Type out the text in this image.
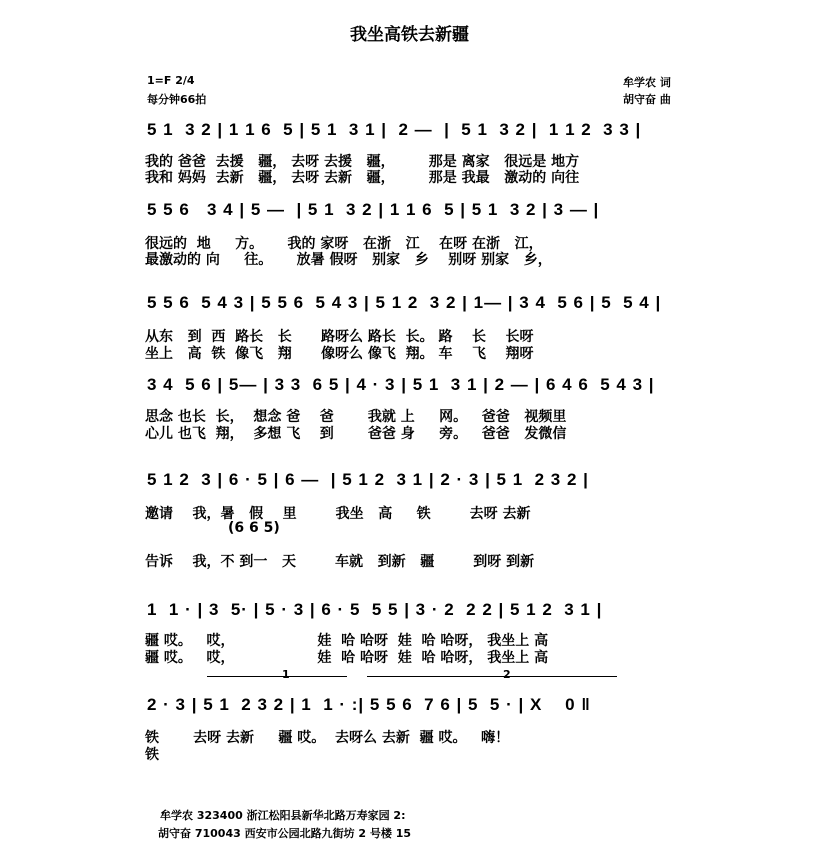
我坐高铁去新疆
1=F 2/4
每分钟66拍
牟学农 词
胡守奋 曲
5 1  3 2 | 1 1 6  5 | 5 1  3 1 |  2 —  |  5 1  3 2 |  1 1 2  3 3 |
我的 爸爸  去援   疆， 去呀 去援   疆，       那是 离家   很远是 地方
我和 妈妈  去新   疆， 去呀 去新   疆，       那是 我最   激动的 向往
5 5 6   3 4 | 5 —  | 5 1  3 2 | 1 1 6  5 | 5 1  3 2 | 3 — |
很远的  地     方。     我的 家呀   在浙   江    在呀 在浙   江，
最激动的 向     往。     放暑 假呀   别家   乡    别呀 别家   乡，
5 5 6  5 4 3 | 5 5 6  5 4 3 | 5 1 2  3 2 | 1— | 3 4  5 6 | 5  5 4 |
从东   到  西  路长   长      路呀么 路长  长。 路    长    长呀
坐上   高  铁  像飞   翔      像呀么 像飞  翔。 车    飞    翔呀
3 4  5 6 | 5— | 3 3  6 5 | 4 · 3 | 5 1  3 1 | 2 — | 6 4 6  5 4 3 |
思念 也长  长，  想念 爸    爸       我就 上     网。   爸爸   视频里
心儿 也飞  翔，  多想 飞    到       爸爸 身     旁。   爸爸   发微信
5 1 2  3 | 6 · 5 | 6 —  | 5 1 2  3 1 | 2 · 3 | 5 1  2 3 2 |
邀请    我，暑   假    里        我坐   高     铁        去呀 去新
(6 6 5)
告诉    我，不 到一   天        车就   到新   疆        到呀 到新
1  1 · | 3  5· | 5 · 3 | 6 · 5  5 5 | 3 · 2  2 2 | 5 1 2  3 1 |
疆 哎。   哎，                 娃  哈 哈呀  娃  哈 哈呀， 我坐上 高
疆 哎。   哎，                 娃  哈 哈呀  娃  哈 哈呀， 我坐上 高
1	2
2 · 3 | 5 1  2 3 2 | 1  1 · :| 5 5 6  7 6 | 5  5 · | X    0 ‖
铁       去呀 去新     疆 哎。  去呀么 去新  疆 哎。   嗨！
铁
牟学农 323400 浙江松阳县新华北路万寿家园 2:
胡守奋 710043 西安市公园北路九街坊 2 号楼 15
